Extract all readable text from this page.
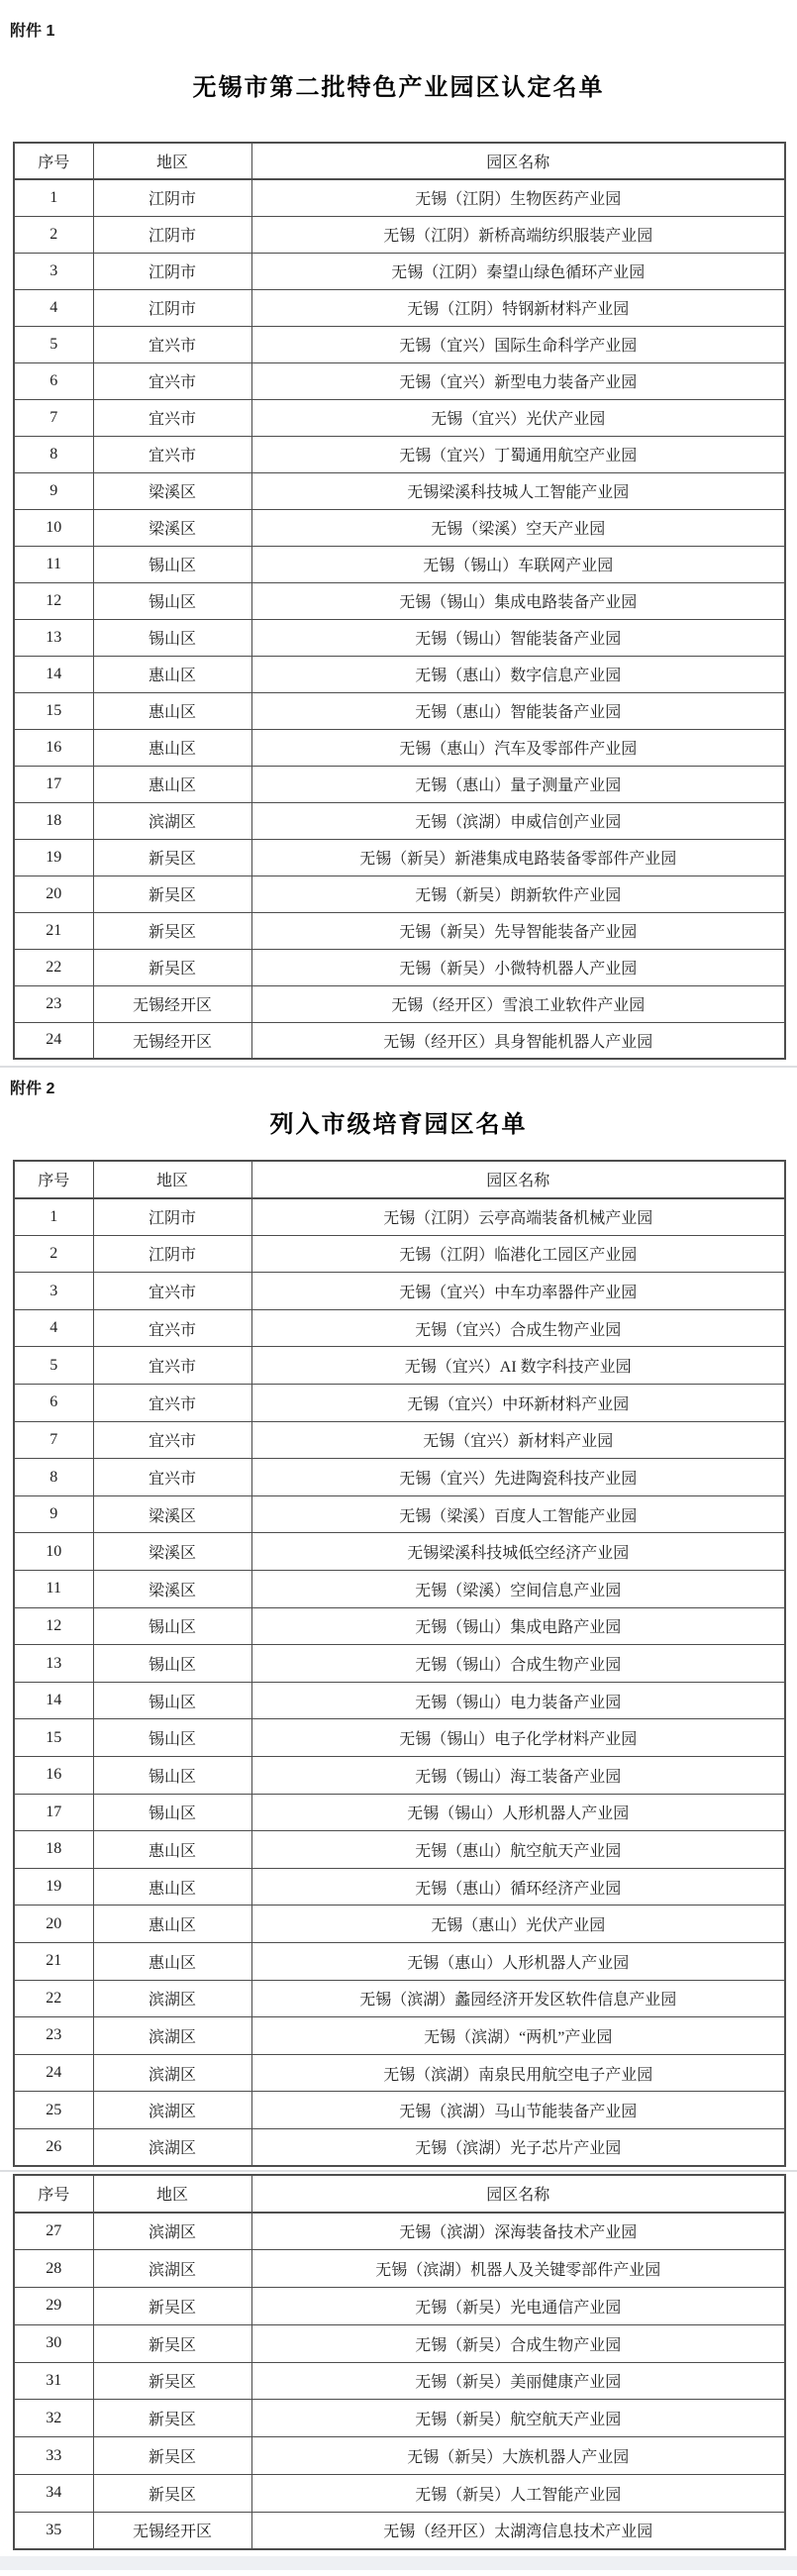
附件 1
无锡市第二批特色产业园区认定名单
序号	地区	园区名称
1	江阴市	无锡（江阴）生物医药产业园
2	江阴市	无锡（江阴）新桥高端纺织服装产业园
3	江阴市	无锡（江阴）秦望山绿色循环产业园
4	江阴市	无锡（江阴）特钢新材料产业园
5	宜兴市	无锡（宜兴）国际生命科学产业园
6	宜兴市	无锡（宜兴）新型电力装备产业园
7	宜兴市	无锡（宜兴）光伏产业园
8	宜兴市	无锡（宜兴）丁蜀通用航空产业园
9	梁溪区	无锡梁溪科技城人工智能产业园
10	梁溪区	无锡（梁溪）空天产业园
11	锡山区	无锡（锡山）车联网产业园
12	锡山区	无锡（锡山）集成电路装备产业园
13	锡山区	无锡（锡山）智能装备产业园
14	惠山区	无锡（惠山）数字信息产业园
15	惠山区	无锡（惠山）智能装备产业园
16	惠山区	无锡（惠山）汽车及零部件产业园
17	惠山区	无锡（惠山）量子测量产业园
18	滨湖区	无锡（滨湖）申威信创产业园
19	新吴区	无锡（新吴）新港集成电路装备零部件产业园
20	新吴区	无锡（新吴）朗新软件产业园
21	新吴区	无锡（新吴）先导智能装备产业园
22	新吴区	无锡（新吴）小微特机器人产业园
23	无锡经开区	无锡（经开区）雪浪工业软件产业园
24	无锡经开区	无锡（经开区）具身智能机器人产业园
附件 2
列入市级培育园区名单
序号	地区	园区名称
1	江阴市	无锡（江阴）云亭高端装备机械产业园
2	江阴市	无锡（江阴）临港化工园区产业园
3	宜兴市	无锡（宜兴）中车功率器件产业园
4	宜兴市	无锡（宜兴）合成生物产业园
5	宜兴市	无锡（宜兴）AI 数字科技产业园
6	宜兴市	无锡（宜兴）中环新材料产业园
7	宜兴市	无锡（宜兴）新材料产业园
8	宜兴市	无锡（宜兴）先进陶瓷科技产业园
9	梁溪区	无锡（梁溪）百度人工智能产业园
10	梁溪区	无锡梁溪科技城低空经济产业园
11	梁溪区	无锡（梁溪）空间信息产业园
12	锡山区	无锡（锡山）集成电路产业园
13	锡山区	无锡（锡山）合成生物产业园
14	锡山区	无锡（锡山）电力装备产业园
15	锡山区	无锡（锡山）电子化学材料产业园
16	锡山区	无锡（锡山）海工装备产业园
17	锡山区	无锡（锡山）人形机器人产业园
18	惠山区	无锡（惠山）航空航天产业园
19	惠山区	无锡（惠山）循环经济产业园
20	惠山区	无锡（惠山）光伏产业园
21	惠山区	无锡（惠山）人形机器人产业园
22	滨湖区	无锡（滨湖）蠡园经济开发区软件信息产业园
23	滨湖区	无锡（滨湖）“两机”产业园
24	滨湖区	无锡（滨湖）南泉民用航空电子产业园
25	滨湖区	无锡（滨湖）马山节能装备产业园
26	滨湖区	无锡（滨湖）光子芯片产业园
序号	地区	园区名称
27	滨湖区	无锡（滨湖）深海装备技术产业园
28	滨湖区	无锡（滨湖）机器人及关键零部件产业园
29	新吴区	无锡（新吴）光电通信产业园
30	新吴区	无锡（新吴）合成生物产业园
31	新吴区	无锡（新吴）美丽健康产业园
32	新吴区	无锡（新吴）航空航天产业园
33	新吴区	无锡（新吴）大族机器人产业园
34	新吴区	无锡（新吴）人工智能产业园
35	无锡经开区	无锡（经开区）太湖湾信息技术产业园
